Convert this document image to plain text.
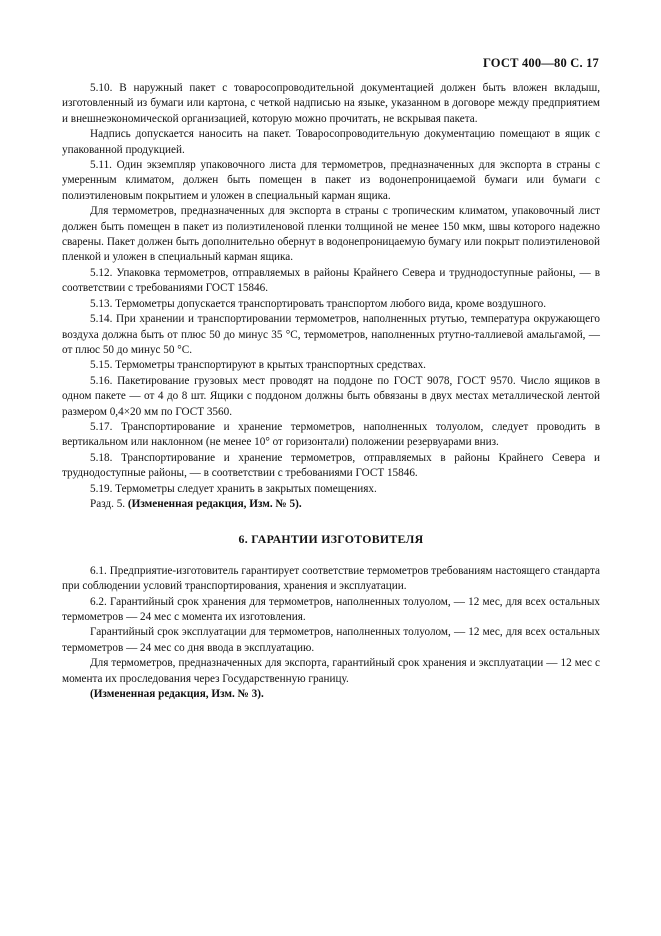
ГОСТ 400—80 С. 17

5.10. В наружный пакет с товаросопроводительной документацией должен быть вложен вкладыш, изготовленный из бумаги или картона, с четкой надписью на языке, указанном в договоре между предприятием и внешнеэкономической организацией, которую можно прочитать, не вскрывая пакета.

Надпись допускается наносить на пакет. Товаросопроводительную документацию помещают в ящик с упакованной продукцией.

5.11. Один экземпляр упаковочного листа для термометров, предназначенных для экспорта в страны с умеренным климатом, должен быть помещен в пакет из водонепроницаемой бумаги или бумаги с полиэтиленовым покрытием и уложен в специальный карман ящика.

Для термометров, предназначенных для экспорта в страны с тропическим климатом, упаковочный лист должен быть помещен в пакет из полиэтиленовой пленки толщиной не менее 150 мкм, швы которого надежно сварены. Пакет должен быть дополнительно обернут в водонепроницаемую бумагу или покрыт полиэтиленовой пленкой и уложен в специальный карман ящика.

5.12. Упаковка термометров, отправляемых в районы Крайнего Севера и труднодоступные районы, — в соответствии с требованиями ГОСТ 15846.

5.13. Термометры допускается транспортировать транспортом любого вида, кроме воздушного.

5.14. При хранении и транспортировании термометров, наполненных ртутью, температура окружающего воздуха должна быть от плюс 50 до минус 35 °С, термометров, наполненных ртутно-таллиевой амальгамой, — от плюс 50 до минус 50 °С.

5.15. Термометры транспортируют в крытых транспортных средствах.

5.16. Пакетирование грузовых мест проводят на поддоне по ГОСТ 9078, ГОСТ 9570. Число ящиков в одном пакете — от 4 до 8 шт. Ящики с поддоном должны быть обвязаны в двух местах металлической лентой размером 0,4×20 мм по ГОСТ 3560.

5.17. Транспортирование и хранение термометров, наполненных толуолом, следует проводить в вертикальном или наклонном (не менее 10° от горизонтали) положении резервуарами вниз.

5.18. Транспортирование и хранение термометров, отправляемых в районы Крайнего Севера и труднодоступные районы, — в соответствии с требованиями ГОСТ 15846.

5.19. Термометры следует хранить в закрытых помещениях.

Разд. 5. (Измененная редакция, Изм. № 5).

6. ГАРАНТИИ ИЗГОТОВИТЕЛЯ

6.1. Предприятие-изготовитель гарантирует соответствие термометров требованиям настоящего стандарта при соблюдении условий транспортирования, хранения и эксплуатации.

6.2. Гарантийный срок хранения для термометров, наполненных толуолом, — 12 мес, для всех остальных термометров — 24 мес с момента их изготовления.

Гарантийный срок эксплуатации для термометров, наполненных толуолом, — 12 мес, для всех остальных термометров — 24 мес со дня ввода в эксплуатацию.

Для термометров, предназначенных для экспорта, гарантийный срок хранения и эксплуатации — 12 мес с момента их проследования через Государственную границу.

(Измененная редакция, Изм. № 3).
